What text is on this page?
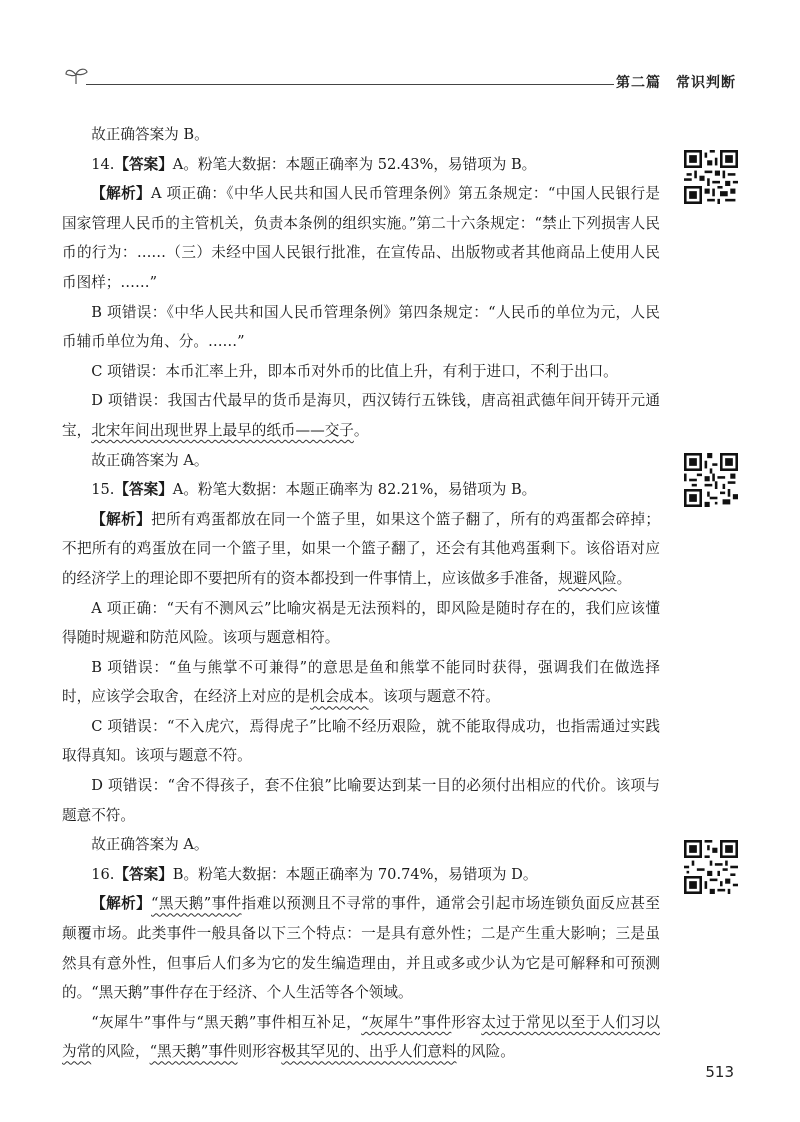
第二篇　常识判断

故正确答案为 B。

14.【答案】A。粉笔大数据：本题正确率为 52.43%，易错项为 B。

【解析】A 项正确：《中华人民共和国人民币管理条例》第五条规定：“中国人民银行是国家管理人民币的主管机关，负责本条例的组织实施。”第二十六条规定：“禁止下列损害人民币的行为：……（三）未经中国人民银行批准，在宣传品、出版物或者其他商品上使用人民币图样；……”

B 项错误：《中华人民共和国人民币管理条例》第四条规定：“人民币的单位为元，人民币辅币单位为角、分。……”

C 项错误：本币汇率上升，即本币对外币的比值上升，有利于进口，不利于出口。

D 项错误：我国古代最早的货币是海贝，西汉铸行五铢钱，唐高祖武德年间开铸开元通宝，北宋年间出现世界上最早的纸币——交子。

故正确答案为 A。

15.【答案】A。粉笔大数据：本题正确率为 82.21%，易错项为 B。

【解析】把所有鸡蛋都放在同一个篮子里，如果这个篮子翻了，所有的鸡蛋都会碎掉；不把所有的鸡蛋放在同一个篮子里，如果一个篮子翻了，还会有其他鸡蛋剩下。该俗语对应的经济学上的理论即不要把所有的资本都投到一件事情上，应该做多手准备，规避风险。

A 项正确：“天有不测风云”比喻灾祸是无法预料的，即风险是随时存在的，我们应该懂得随时规避和防范风险。该项与题意相符。

B 项错误：“鱼与熊掌不可兼得”的意思是鱼和熊掌不能同时获得，强调我们在做选择时，应该学会取舍，在经济上对应的是机会成本。该项与题意不符。

C 项错误：“不入虎穴，焉得虎子”比喻不经历艰险，就不能取得成功，也指需通过实践取得真知。该项与题意不符。

D 项错误：“舍不得孩子，套不住狼”比喻要达到某一目的必须付出相应的代价。该项与题意不符。

故正确答案为 A。

16.【答案】B。粉笔大数据：本题正确率为 70.74%，易错项为 D。

【解析】“黑天鹅”事件指难以预测且不寻常的事件，通常会引起市场连锁负面反应甚至颠覆市场。此类事件一般具备以下三个特点：一是具有意外性；二是产生重大影响；三是虽然具有意外性，但事后人们多为它的发生编造理由，并且或多或少认为它是可解释和可预测的。“黑天鹅”事件存在于经济、个人生活等各个领域。

“灰犀牛”事件与“黑天鹅”事件相互补足，“灰犀牛”事件形容太过于常见以至于人们习以为常的风险，“黑天鹅”事件则形容极其罕见的、出乎人们意料的风险。

513
